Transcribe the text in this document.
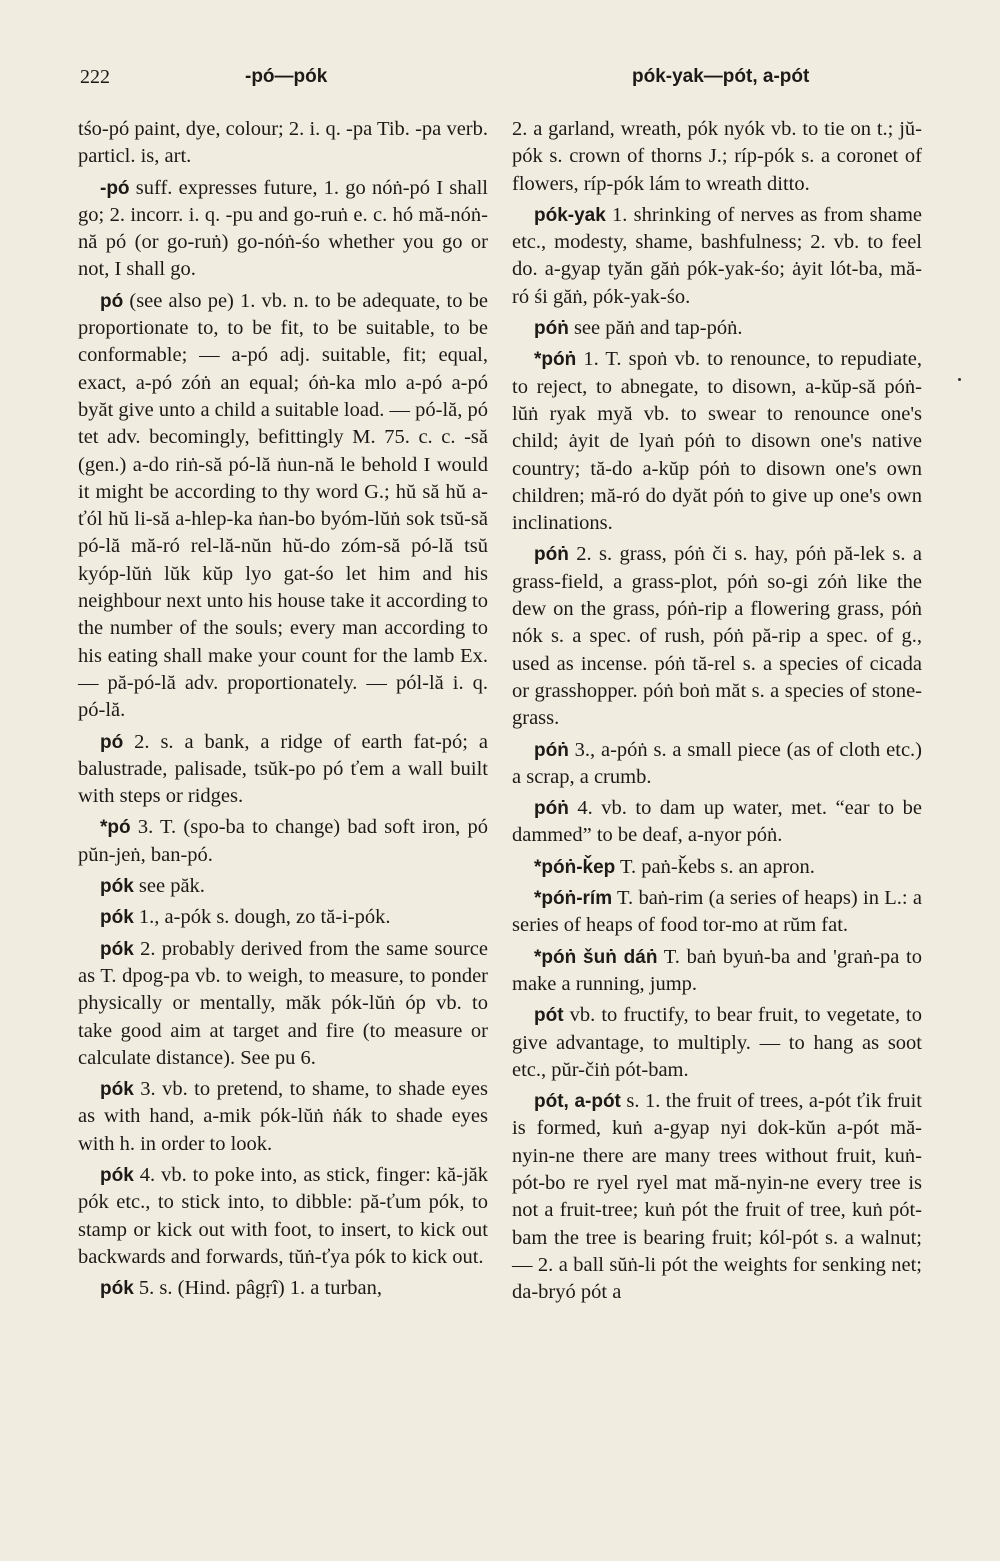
222	-pó—pók	pók-yak—pót, a-pót

tśo-pó paint, dye, colour; 2. i. q. -pa Tib. -pa verb. particl. is, art.

-pó suff. expresses future, 1. go nóṅ-pó I shall go; 2. incorr. i. q. -pu and go-ruṅ e. c. hó mă-nóṅ-nă pó (or go-ruṅ) go-nóṅ-śo whether you go or not, I shall go.

pó (see also pe) 1. vb. n. to be adequate, to be proportionate to, to be fit, to be suitable, to be conformable; — a-pó adj. suitable, fit; equal, exact, a-pó zóṅ an equal; óṅ-ka mlo a-pó a-pó byăt give unto a child a suitable load. — pó-lă, pó tet adv. becomingly, befittingly M. 75. c. c. -să (gen.) a-do riṅ-să pó-lă ṅun-nă le behold I would it might be according to thy word G.; hŭ să hŭ a-ťól hŭ li-să a-hlep-ka ṅan-bo byóm-lŭṅ sok tsŭ-să pó-lă mă-ró rel-lă-nŭn hŭ-do zóm-să pó-lă tsŭ kyóp-lŭṅ lŭk kŭp lyo gat-śo let him and his neighbour next unto his house take it according to the number of the souls; every man according to his eating shall make your count for the lamb Ex. — pă-pó-lă adv. proportionately. — pól-lă i. q. pó-lă.

pó 2. s. a bank, a ridge of earth fat-pó; a balustrade, palisade, tsŭk-po pó ťem a wall built with steps or ridges.

*pó 3. T. (spo-ba to change) bad soft iron, pó pŭn-jeṅ, ban-pó.

pók see păk.

pók 1., a-pók s. dough, zo tă-i-pók.

pók 2. probably derived from the same source as T. dpog-pa vb. to weigh, to measure, to ponder physically or mentally, măk pók-lŭṅ óp vb. to take good aim at target and fire (to measure or calculate distance). See pu 6.

pók 3. vb. to pretend, to shame, to shade eyes as with hand, a-mik pók-lŭṅ ṅák to shade eyes with h. in order to look.

pók 4. vb. to poke into, as stick, finger: kă-jăk pók etc., to stick into, to dibble: pă-ťum pók, to stamp or kick out with foot, to insert, to kick out backwards and forwards, tŭṅ-ťya pók to kick out.

pók 5. s. (Hind. pâgṛî) 1. a turban,

2. a garland, wreath, pók nyók vb. to tie on t.; jŭ-pók s. crown of thorns J.; ríp-pók s. a coronet of flowers, ríp-pók lám to wreath ditto.

pók-yak 1. shrinking of nerves as from shame etc., modesty, shame, bashfulness; 2. vb. to feel do. a-gyap tyăn găṅ pók-yak-śo; ȧyit lót-ba, mă-ró śi găṅ, pók-yak-śo.

póṅ see păṅ and tap-póṅ.

*póṅ 1. T. spoṅ vb. to renounce, to repudiate, to reject, to abnegate, to disown, a-kŭp-să póṅ-lŭṅ ryak myă vb. to swear to renounce one's child; ȧyit de lyaṅ póṅ to disown one's native country; tă-do a-kŭp póṅ to disown one's own children; mă-ró do dyăt póṅ to give up one's own inclinations.

póṅ 2. s. grass, póṅ či s. hay, póṅ pă-lek s. a grass-field, a grass-plot, póṅ so-gi zóṅ like the dew on the grass, póṅ-rip a flowering grass, póṅ nók s. a spec. of rush, póṅ pă-rip a spec. of g., used as incense. póṅ tă-rel s. a species of cicada or grasshopper. póṅ boṅ măt s. a species of stone-grass.

póṅ 3., a-póṅ s. a small piece (as of cloth etc.) a scrap, a crumb.

póṅ 4. vb. to dam up water, met. “ear to be dammed” to be deaf, a-nyor póṅ.

*póṅ-ǩep T. paṅ-ǩebs s. an apron.

*póṅ-rím T. baṅ-rim (a series of heaps) in L.: a series of heaps of food tor-mo at rŭm fat.

*póṅ šuṅ dáṅ T. baṅ byuṅ-ba and 'graṅ-pa to make a running, jump.

pót vb. to fructify, to bear fruit, to vegetate, to give advantage, to multiply. — to hang as soot etc., pŭr-čiṅ pót-bam.

pót, a-pót s. 1. the fruit of trees, a-pót ťik fruit is formed, kuṅ a-gyap nyi dok-kŭn a-pót mă-nyin-ne there are many trees without fruit, kuṅ-pót-bo re ryel ryel mat mă-nyin-ne every tree is not a fruit-tree; kuṅ pót the fruit of tree, kuṅ pót-bam the tree is bearing fruit; kól-pót s. a walnut; — 2. a ball sŭṅ-li pót the weights for senking net; da-bryó pót a
